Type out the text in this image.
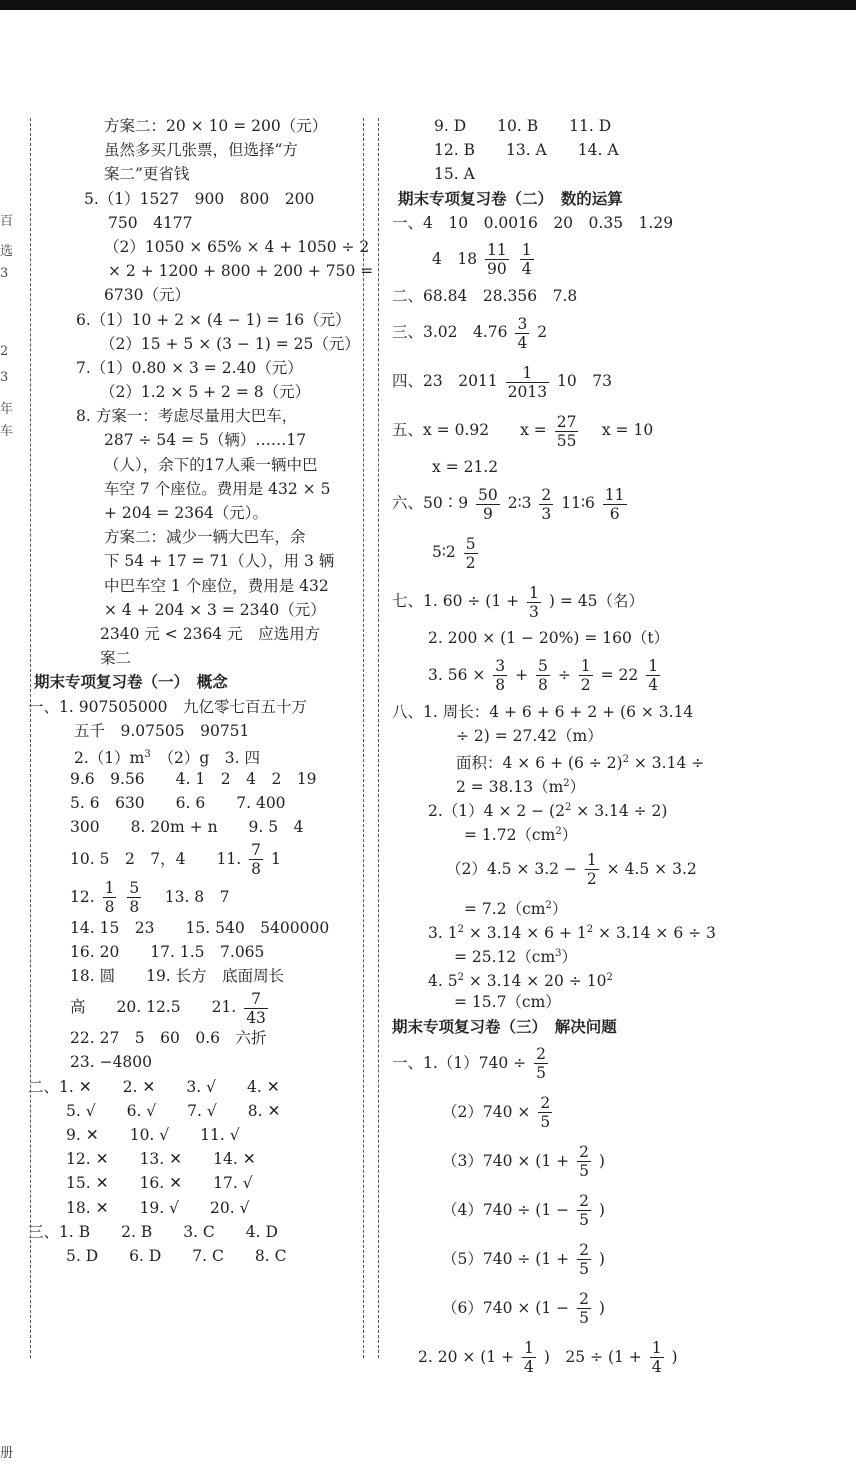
百
选
3
2
3
年
车
方案二：20 × 10 = 200（元）
虽然多买几张票，但选择“方
案二”更省钱
5.（1）1527　900　800　200
750　4177
（2）1050 × 65% × 4 + 1050 ÷ 2
× 2 + 1200 + 800 + 200 + 750 =
6730（元）
6.（1）10 + 2 × (4 − 1) = 16（元）
（2）15 + 5 × (3 − 1) = 25（元）
7.（1）0.80 × 3 = 2.40（元）
（2）1.2 × 5 + 2 = 8（元）
8. 方案一：考虑尽量用大巴车，
287 ÷ 54 = 5（辆）……17
（人），余下的17人乘一辆中巴
车空 7 个座位。费用是 432 × 5
+ 204 = 2364（元）。
方案二：减少一辆大巴车，余
下 54 + 17 = 71（人），用 3 辆
中巴车空 1 个座位，费用是 432
× 4 + 204 × 3 = 2340（元）
2340 元 < 2364 元　应选用方
案二
期末专项复习卷（一）　概念
一、1. 907505000　九亿零七百五十万
五千　9.07505　90751
$2.(1)m^3$　 （2）g　3. 四
9.6　9.56　　4. 1　2　4　2　19
5. 6　630　　6. 6　　7. 400
300　　8. 20m + n　　9. 5　4
10. 5　2　7，4　　11. $\frac{7}{8} 1$
12. $\frac{1}{8}$
$\frac{5}{8}$
　 13. 8　7
14. 15　23　　15. 540　5400000
16. 20　　17. 1.5　7.065
18. 圆　　19. 长方　底面周长
高　　20. 12.5　　21. $\frac{7}{43}$
22. 27　5　60　0.6　六折
23. −4800
二、1. ✕　　2. ✕　　3. √　　4. ✕
5. √　　6. √　　7. √　　8. ✕
9. ✕　　10. √　　11. √
12. ✕　　13. ✕　　14. ✕
15. ✕　　16. ✕　　17. √
18. ✕　　19. √　　20. √
三、1. B　　2. B　　3. C　　4. D
5. D　　6. D　　7. C　　8. C
9. D　　10. B　　11. D
12. B　　13. A　　14. A
15. A
期末专项复习卷（二）　数的运算
一、4　10　0.0016　20　0.35　1.29
4　$18 \frac{11}{90}$
$\frac{1}{4}$
二、68.84　28.356　7.8
三、3.02　$4.76 \frac{3}{4} 2$
四、23　$2011 \frac{1}{2013} 10$　73
五、x = 0.92　　$x = \frac{27}{55}$
　 x = 10
x = 21.2
六、50∶9 $\frac{50}{9}$ 2∶3 $\frac{2}{3}$ 11∶6 $\frac{11}{6}$
5∶2 $\frac{5}{2}$
七、1. $60 \div (1 + \frac{1}{3}$ ) = 45（名）
2. 200 × (1 − 20%) = 160（t）
3. $56 \times \frac{3}{8} + \frac{5}{8} \div \frac{1}{2} = 22 \frac{1}{4}$
八、1. 周长：4 + 6 + 6 + 2 + (6 × 3.14
÷ 2) = 27.42（m）
面积：$4 \times 6 + (6 \div 2)^2 \times 3.14$ ÷
$2 = 38.13(m^2)$
$2.(1)4 \times 2 - (2^2 \times 3.14 \div 2)$
= $1.72(cm^2)$
$(2)4.5 \times 3.2 - \frac{1}{2} \times 4.5 \times 3.2$
= $7.2(cm^2)$
3. $1^2 \times 3.14 \times 6 + 1^2 \times 3.14 \times 6 \div 3$
= $25.12(cm^3)$
4. $5^2 \times 3.14 \times 20 \div 10^2$
= 15.7（cm）
期末专项复习卷（三）　解决问题
一、$1.(1)740 \div \frac{2}{5}$
$(2)740 \times \frac{2}{5}$
$(3)740 \times (1 + \frac{2}{5}$ )
$(4)740 \div (1 - \frac{2}{5}$ )
$(5)740 \div (1 + \frac{2}{5}$ )
$(6)740 \times (1 - \frac{2}{5}$ )
2. $20 \times (1 + \frac{1}{4}$ )　$25 \div (1 + \frac{1}{4}$ )
册
